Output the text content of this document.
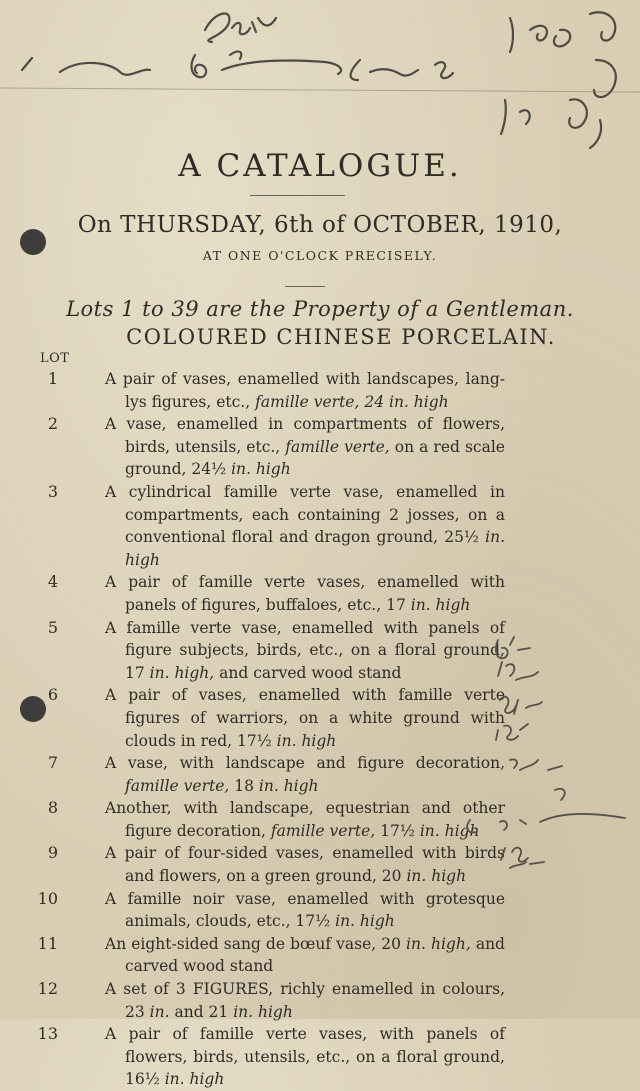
A CATALOGUE.
On THURSDAY, 6th of OCTOBER, 1910,
AT ONE O'CLOCK PRECISELY.
Lots 1 to 39 are the Property of a Gentleman.
COLOURED CHINESE PORCELAIN.
LOT
1	A pair of vases, enamelled with landscapes, lang-lys figures, etc., famille verte, 24 in. high
2	A vase, enamelled in compartments of flowers, birds, utensils, etc., famille verte, on a red scale ground, 24½ in. high
3	A cylindrical famille verte vase, enamelled in compartments, each containing 2 josses, on a conventional floral and dragon ground, 25½ in. high
4	A pair of famille verte vases, enamelled with panels of figures, buffaloes, etc., 17 in. high
5	A famille verte vase, enamelled with panels of figure subjects, birds, etc., on a floral ground, 17 in. high, and carved wood stand
6	A pair of vases, enamelled with famille verte figures of warriors, on a white ground with clouds in red, 17½ in. high
7	A vase, with landscape and figure decoration, famille verte, 18 in. high
8	Another, with landscape, equestrian and other figure decoration, famille verte, 17½ in. high
9	A pair of four-sided vases, enamelled with birds and flowers, on a green ground, 20 in. high
10	A famille noir vase, enamelled with grotesque animals, clouds, etc., 17½ in. high
11	An eight-sided sang de bœuf vase, 20 in. high, and carved wood stand
12	A set of 3 FIGURES, richly enamelled in colours, 23 in. and 21 in. high
13	A pair of famille verte vases, with panels of flowers, birds, utensils, etc., on a floral ground, 16½ in. high
